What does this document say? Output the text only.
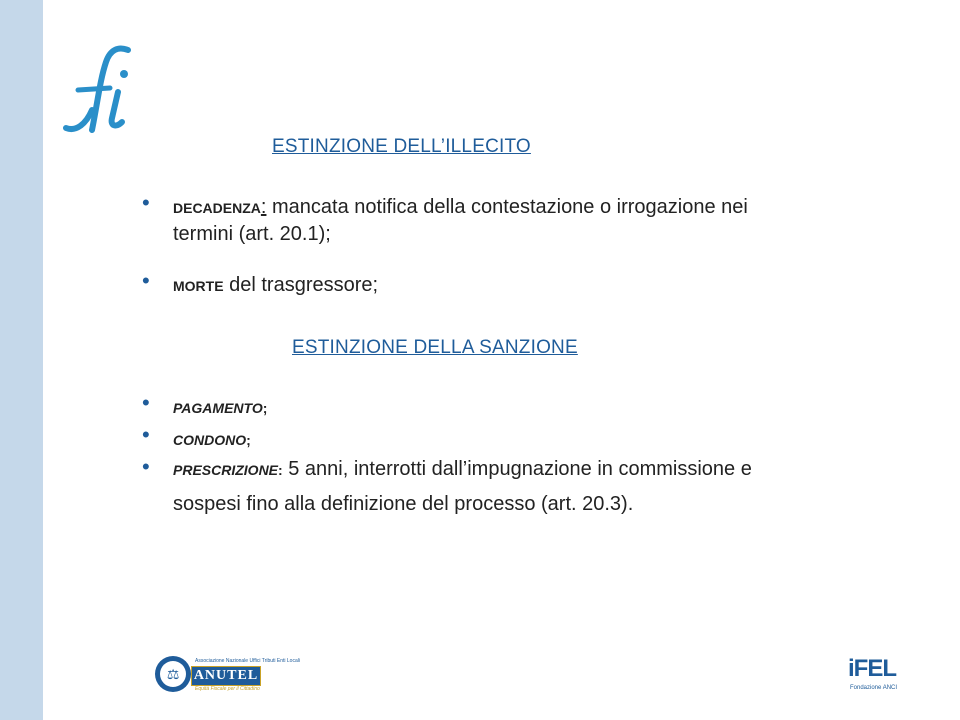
ESTINZIONE DELL’ILLECITO
• DECADENZA: mancata notifica della contestazione o irrogazione nei termini (art. 20.1);
• MORTE del trasgressore;
ESTINZIONE DELLA SANZIONE
• PAGAMENTO;
• CONDONO;
• PRESCRIZIONE: 5 anni, interrotti dall’impugnazione in commissione e sospesi fino alla definizione del processo (art. 20.3).
⚖
Associazione Nazionale Uffici Tributi Enti Locali
ANUTEL
Equità Fiscale per il Cittadino
iFEL
Fondazione ANCI
